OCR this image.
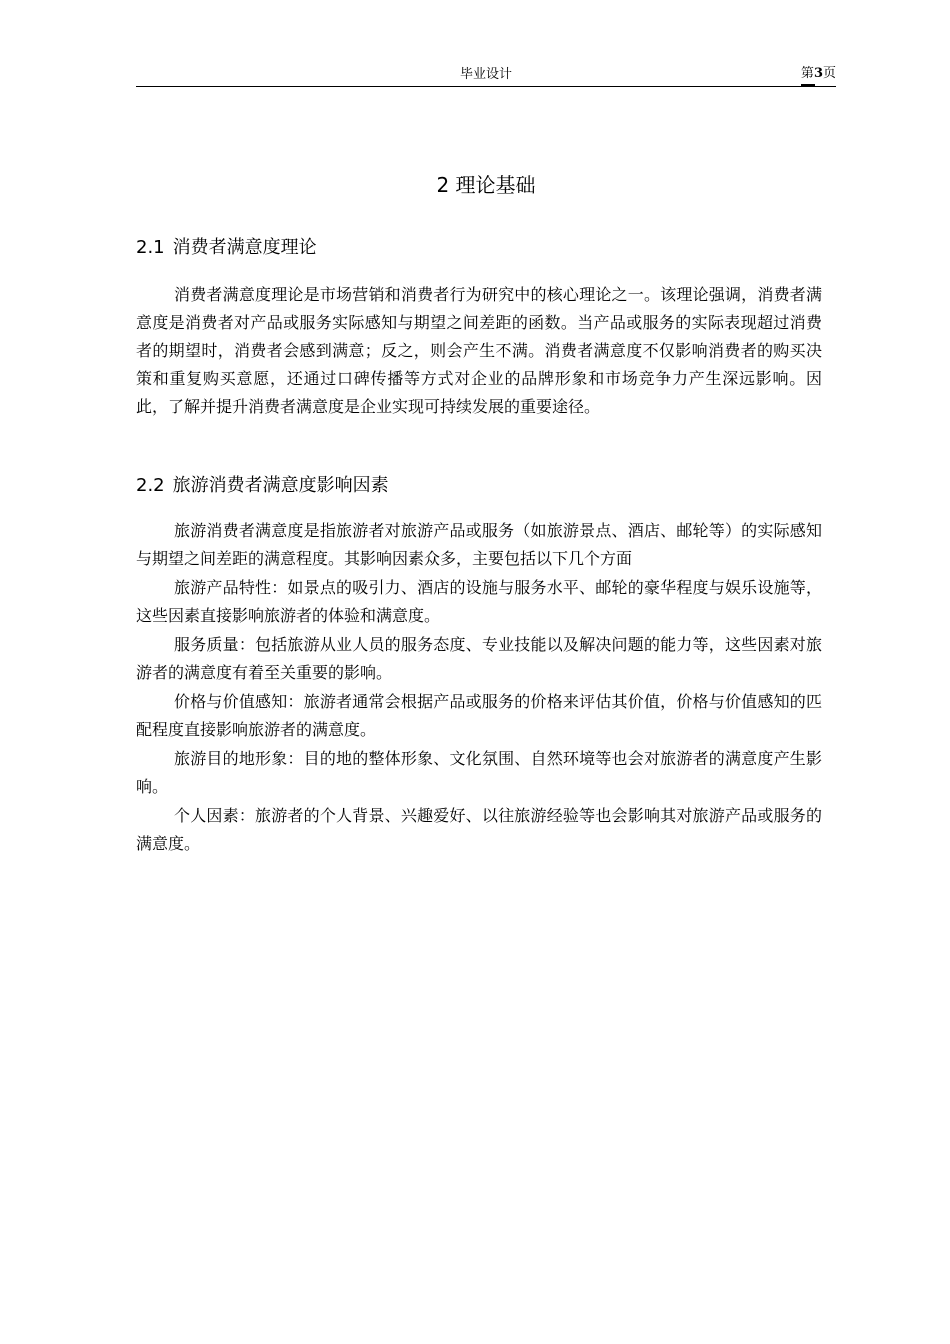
毕业设计	第3页
2 理论基础
2.1 消费者满意度理论

消费者满意度理论是市场营销和消费者行为研究中的核心理论之一。该理论强调，消费者满意度是消费者对产品或服务实际感知与期望之间差距的函数。当产品或服务的实际表现超过消费者的期望时，消费者会感到满意；反之，则会产生不满。消费者满意度不仅影响消费者的购买决策和重复购买意愿，还通过口碑传播等方式对企业的品牌形象和市场竞争力产生深远影响。因此，了解并提升消费者满意度是企业实现可持续发展的重要途径。

2.2 旅游消费者满意度影响因素

旅游消费者满意度是指旅游者对旅游产品或服务（如旅游景点、酒店、邮轮等）的实际感知与期望之间差距的满意程度。其影响因素众多，主要包括以下几个方面

旅游产品特性：如景点的吸引力、酒店的设施与服务水平、邮轮的豪华程度与娱乐设施等，这些因素直接影响旅游者的体验和满意度。

服务质量：包括旅游从业人员的服务态度、专业技能以及解决问题的能力等，这些因素对旅游者的满意度有着至关重要的影响。

价格与价值感知：旅游者通常会根据产品或服务的价格来评估其价值，价格与价值感知的匹配程度直接影响旅游者的满意度。

旅游目的地形象：目的地的整体形象、文化氛围、自然环境等也会对旅游者的满意度产生影响。

个人因素：旅游者的个人背景、兴趣爱好、以往旅游经验等也会影响其对旅游产品或服务的满意度。
